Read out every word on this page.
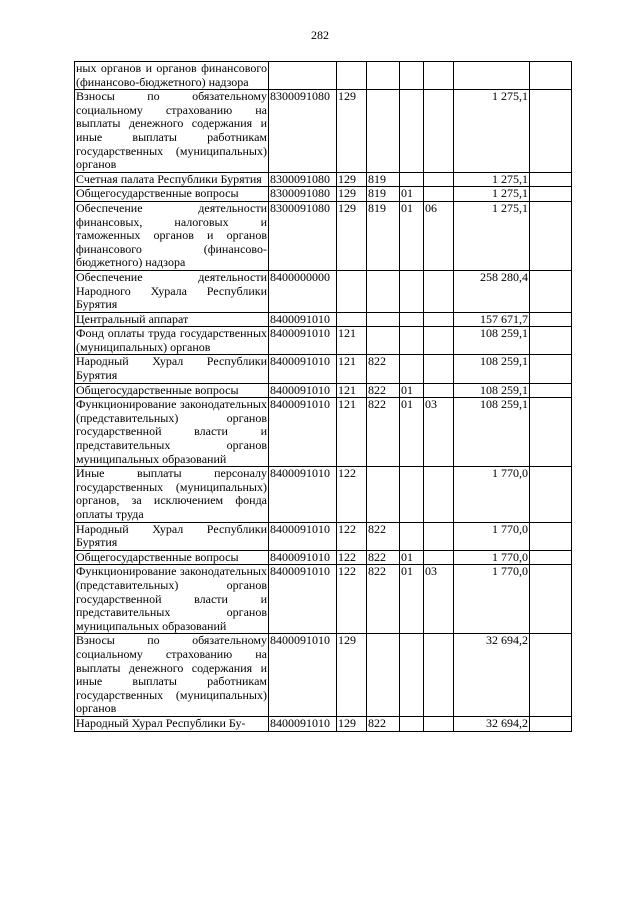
282
ных органов и органов финансового (финансово-бюджетного) надзора							
Взносы по обязательному социальному страхованию на выплаты денежного содержания и иные выплаты работникам государственных (муниципальных) органов	8300091080	129				1 275,1	
Счетная палата Республики Бурятия	8300091080	129	819			1 275,1	
Общегосударственные вопросы	8300091080	129	819	01		1 275,1	
Обеспечение деятельности финансовых, налоговых и таможенных органов и органов финансового (финансово-бюджетного) надзора	8300091080	129	819	01	06	1 275,1	
Обеспечение деятельности Народного Хурала Республики Бурятия	8400000000					258 280,4	
Центральный аппарат	8400091010					157 671,7	
Фонд оплаты труда государственных (муниципальных) органов	8400091010	121				108 259,1	
Народный Хурал Республики Бурятия	8400091010	121	822			108 259,1	
Общегосударственные вопросы	8400091010	121	822	01		108 259,1	
Функционирование законодательных (представительных) органов государственной власти и представительных органов муниципальных образований	8400091010	121	822	01	03	108 259,1	
Иные выплаты персоналу государственных (муниципальных) органов, за исключением фонда оплаты труда	8400091010	122				1 770,0	
Народный Хурал Республики Бурятия	8400091010	122	822			1 770,0	
Общегосударственные вопросы	8400091010	122	822	01		1 770,0	
Функционирование законодательных (представительных) органов государственной власти и представительных органов муниципальных образований	8400091010	122	822	01	03	1 770,0	
Взносы по обязательному социальному страхованию на выплаты денежного содержания и иные выплаты работникам государственных (муниципальных) органов	8400091010	129				32 694,2	
Народный Хурал Республики Бу-	8400091010	129	822			32 694,2	
